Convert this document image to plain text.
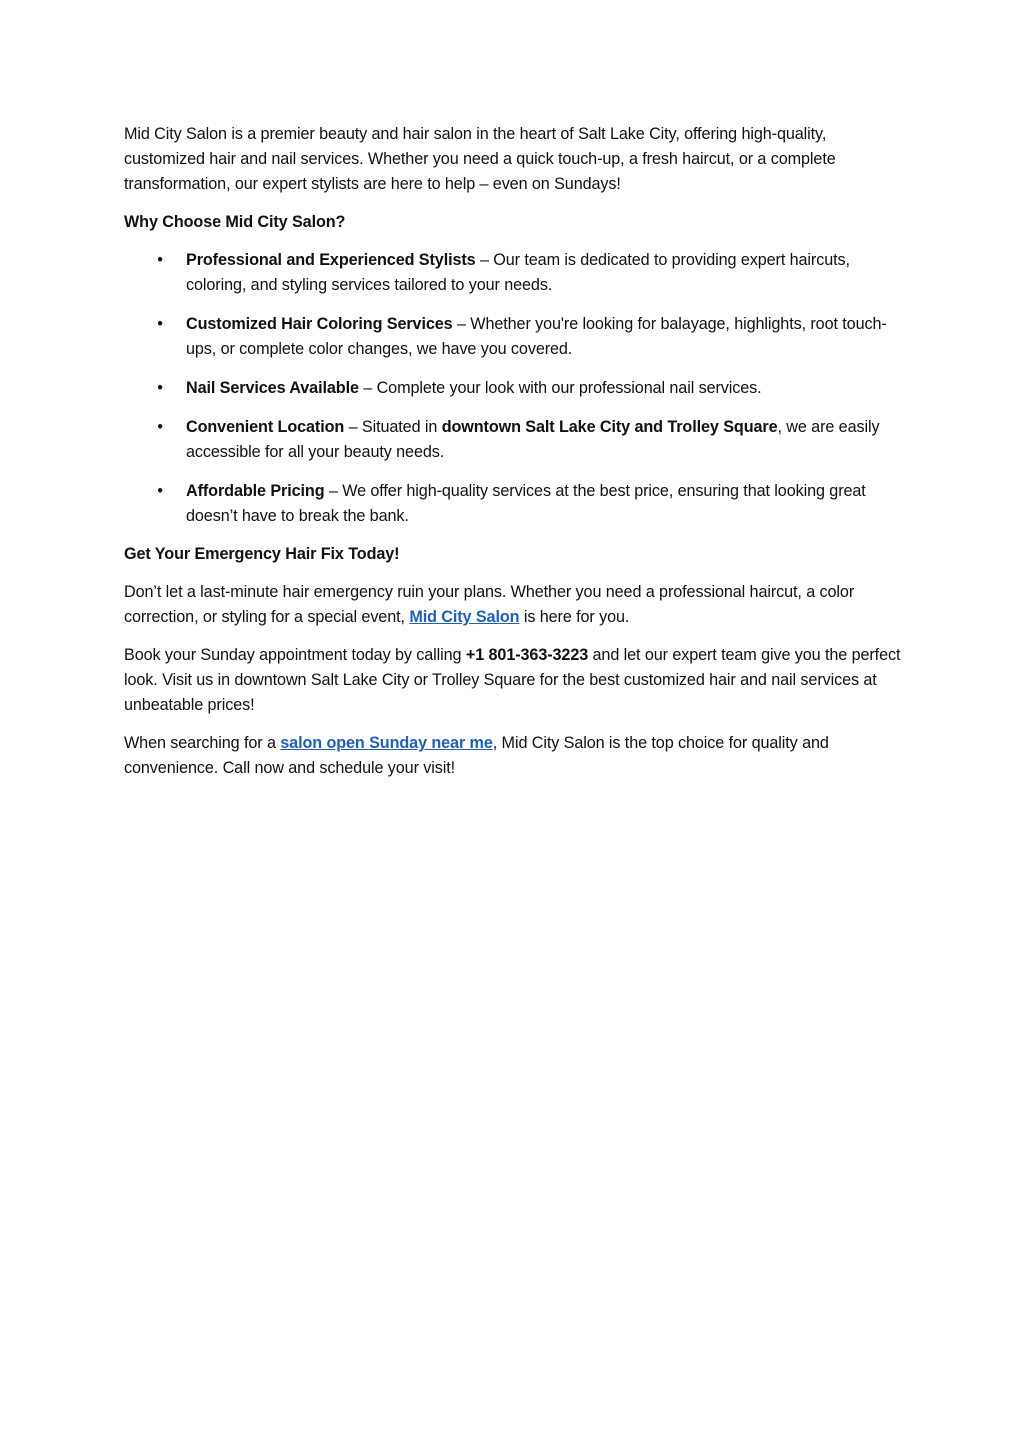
Mid City Salon is a premier beauty and hair salon in the heart of Salt Lake City, offering high-quality, customized hair and nail services. Whether you need a quick touch-up, a fresh haircut, or a complete transformation, our expert stylists are here to help – even on Sundays!

Why Choose Mid City Salon?
• Professional and Experienced Stylists – Our team is dedicated to providing expert haircuts, coloring, and styling services tailored to your needs.
• Customized Hair Coloring Services – Whether you're looking for balayage, highlights, root touch-ups, or complete color changes, we have you covered.
• Nail Services Available – Complete your look with our professional nail services.
• Convenient Location – Situated in downtown Salt Lake City and Trolley Square, we are easily accessible for all your beauty needs.
• Affordable Pricing – We offer high-quality services at the best price, ensuring that looking great doesn’t have to break the bank.
Get Your Emergency Hair Fix Today!

Don’t let a last-minute hair emergency ruin your plans. Whether you need a professional haircut, a color correction, or styling for a special event, Mid City Salon is here for you.

Book your Sunday appointment today by calling +1 801-363-3223 and let our expert team give you the perfect look. Visit us in downtown Salt Lake City or Trolley Square for the best customized hair and nail services at unbeatable prices!

When searching for a salon open Sunday near me, Mid City Salon is the top choice for quality and convenience. Call now and schedule your visit!
